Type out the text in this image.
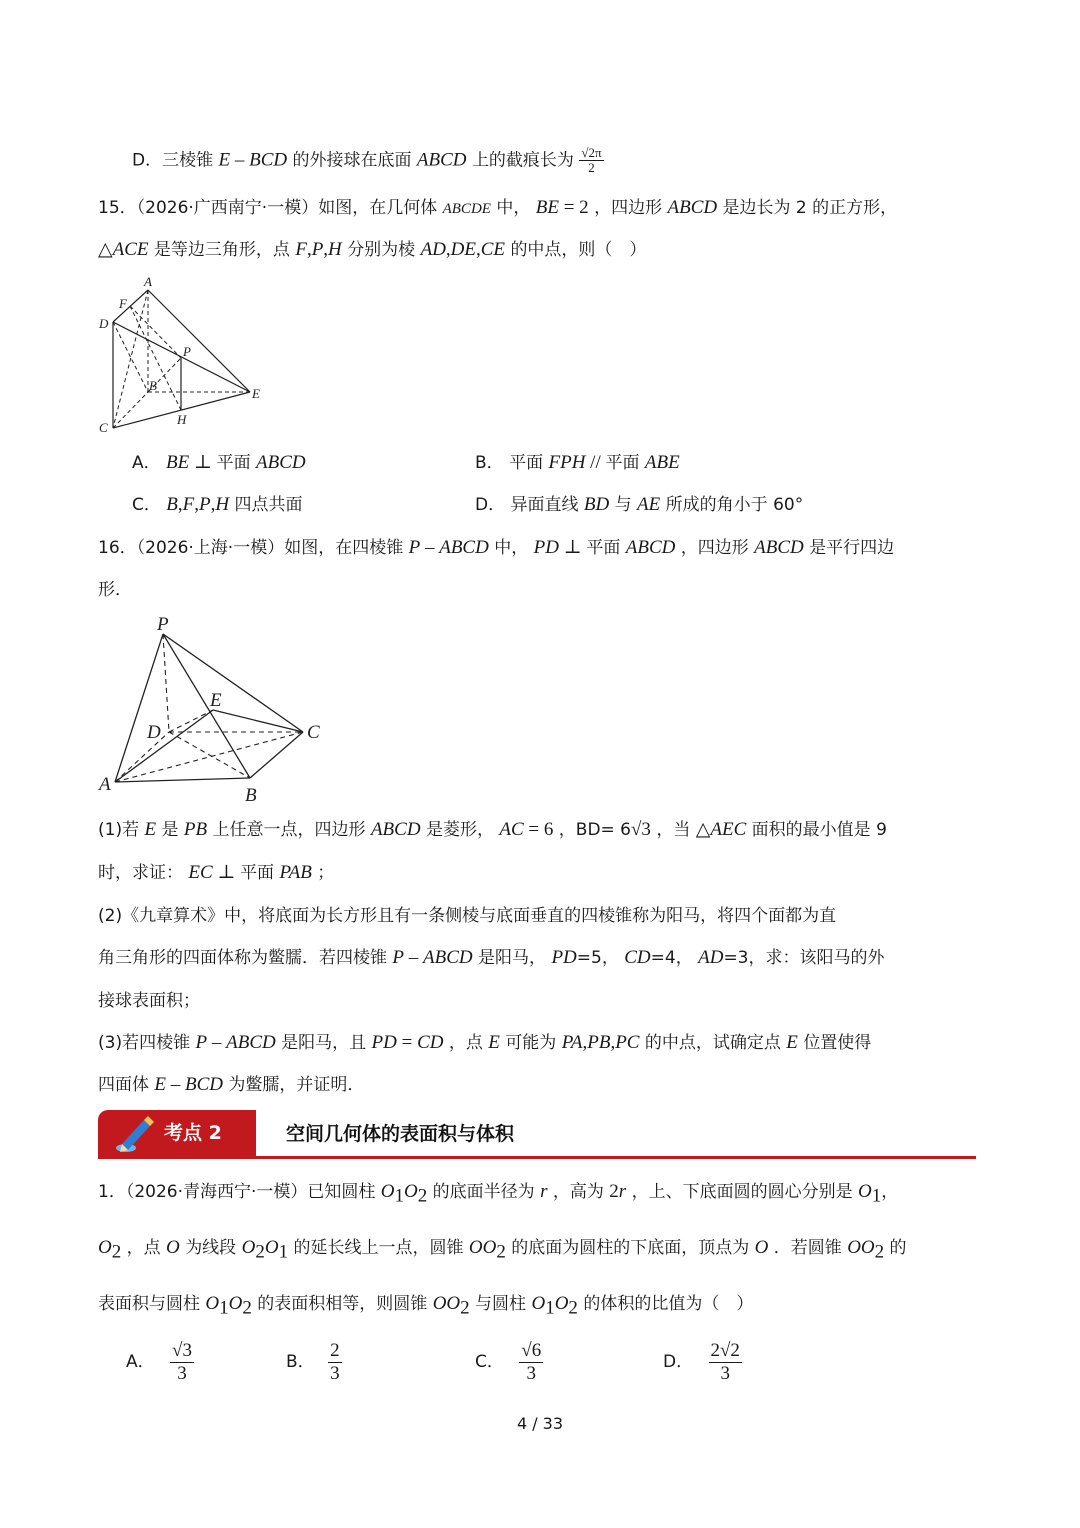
D．三棱锥 E – BCD 的外接球在底面 ABCD 上的截痕长为 $\frac{√2\pi}{2}$
15．（2026·广西南宁·一模）如图，在几何体 ABCDE 中， BE = 2 ，四边形 ABCD 是边长为 2 的正方形，
△ACE 是等边三角形，点 F,P,H 分别为棱 AD,DE,CE 的中点，则（　）
A
F
D
P
B
E
H
C
A． BE ⊥ 平面 ABCD	B． 平面 FPH // 平面 ABE
C． B,F,P,H 四点共面	D． 异面直线 BD 与 AE 所成的角小于 60°
16．（2026·上海·一模）如图，在四棱锥 P – ABCD 中， PD ⊥ 平面 ABCD ，四边形 ABCD 是平行四边
形．
P
E
D	C
A
B
(1)若 E 是 PB 上任意一点，四边形 ABCD 是菱形， AC = 6 ，BD= 6√3 ，当 △AEC 面积的最小值是 9
时，求证： EC ⊥ 平面 PAB ；
(2)《九章算术》中，将底面为长方形且有一条侧棱与底面垂直的四棱锥称为阳马，将四个面都为直
角三角形的四面体称为鳖臑．若四棱锥 P – ABCD 是阳马， PD=5， CD=4， AD=3，求：该阳马的外
接球表面积；
(3)若四棱锥 P – ABCD 是阳马，且 PD = CD ，点 E 可能为 PA,PB,PC 的中点，试确定点 E 位置使得
四面体 E – BCD 为鳖臑，并证明．
考点 2	空间几何体的表面积与体积
1．（2026·青海西宁·一模）已知圆柱 $O_1O_2$ 的底面半径为 r ，高为 2r ，上、下底面圆的圆心分别是 $O_1$，
$O_2$ ，点 O 为线段 $O_2O_1$ 的延长线上一点，圆锥 $OO_2$ 的底面为圆柱的下底面，顶点为 O ．若圆锥 $OO_2$ 的
表面积与圆柱 $O_1O_2$ 的表面积相等，则圆锥 $OO_2$ 与圆柱 $O_1O_2$ 的体积的比值为（　）
A． $\frac{√3}{3}$	B． $\frac{2}{3}$	C． $\frac{√6}{3}$	D． $\frac{2√2}{3}$
4 / 33
